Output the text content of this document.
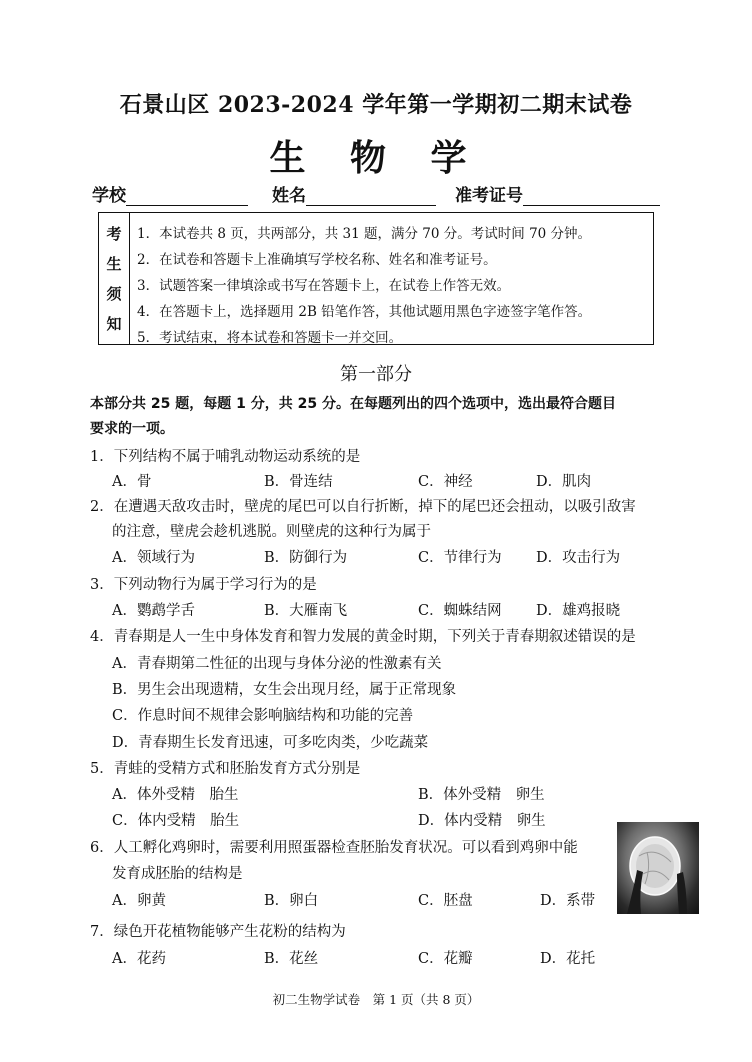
石景山区 2023-2024 学年第一学期初二期末试卷
生 物 学
学校	姓名	准考证号
考
生
须
知
1．本试卷共 8 页，共两部分，共 31 题，满分 70 分。考试时间 70 分钟。
2．在试卷和答题卡上准确填写学校名称、姓名和准考证号。
3．试题答案一律填涂或书写在答题卡上，在试卷上作答无效。
4．在答题卡上，选择题用 2B 铅笔作答，其他试题用黑色字迹签字笔作答。
5．考试结束，将本试卷和答题卡一并交回。
第一部分
本部分共 25 题，每题 1 分，共 25 分。在每题列出的四个选项中，选出最符合题目
要求的一项。
1．下列结构不属于哺乳动物运动系统的是
A．骨	B．骨连结	C．神经	D．肌肉
2．在遭遇天敌攻击时，壁虎的尾巴可以自行折断，掉下的尾巴还会扭动，以吸引敌害
的注意，壁虎会趁机逃脱。则壁虎的这种行为属于
A．领域行为	B．防御行为	C．节律行为 D．攻击行为
3．下列动物行为属于学习行为的是
A．鹦鹉学舌	B．大雁南飞	C．蜘蛛结网 D．雄鸡报晓
4．青春期是人一生中身体发育和智力发展的黄金时期，下列关于青春期叙述错误的是
A．青春期第二性征的出现与身体分泌的性激素有关
B．男生会出现遗精，女生会出现月经，属于正常现象
C．作息时间不规律会影响脑结构和功能的完善
D．青春期生长发育迅速，可多吃肉类，少吃蔬菜
5．青蛙的受精方式和胚胎发育方式分别是
A．体外受精　胎生	B．体外受精　卵生
C．体内受精　胎生	D．体内受精　卵生
6．人工孵化鸡卵时，需要利用照蛋器检查胚胎发育状况。可以看到鸡卵中能
发育成胚胎的结构是
A．卵黄	B．卵白	C．胚盘	D．系带
7．绿色开花植物能够产生花粉的结构为
A．花药	B．花丝	C．花瓣	D．花托
初二生物学试卷　第 1 页（共 8 页）
